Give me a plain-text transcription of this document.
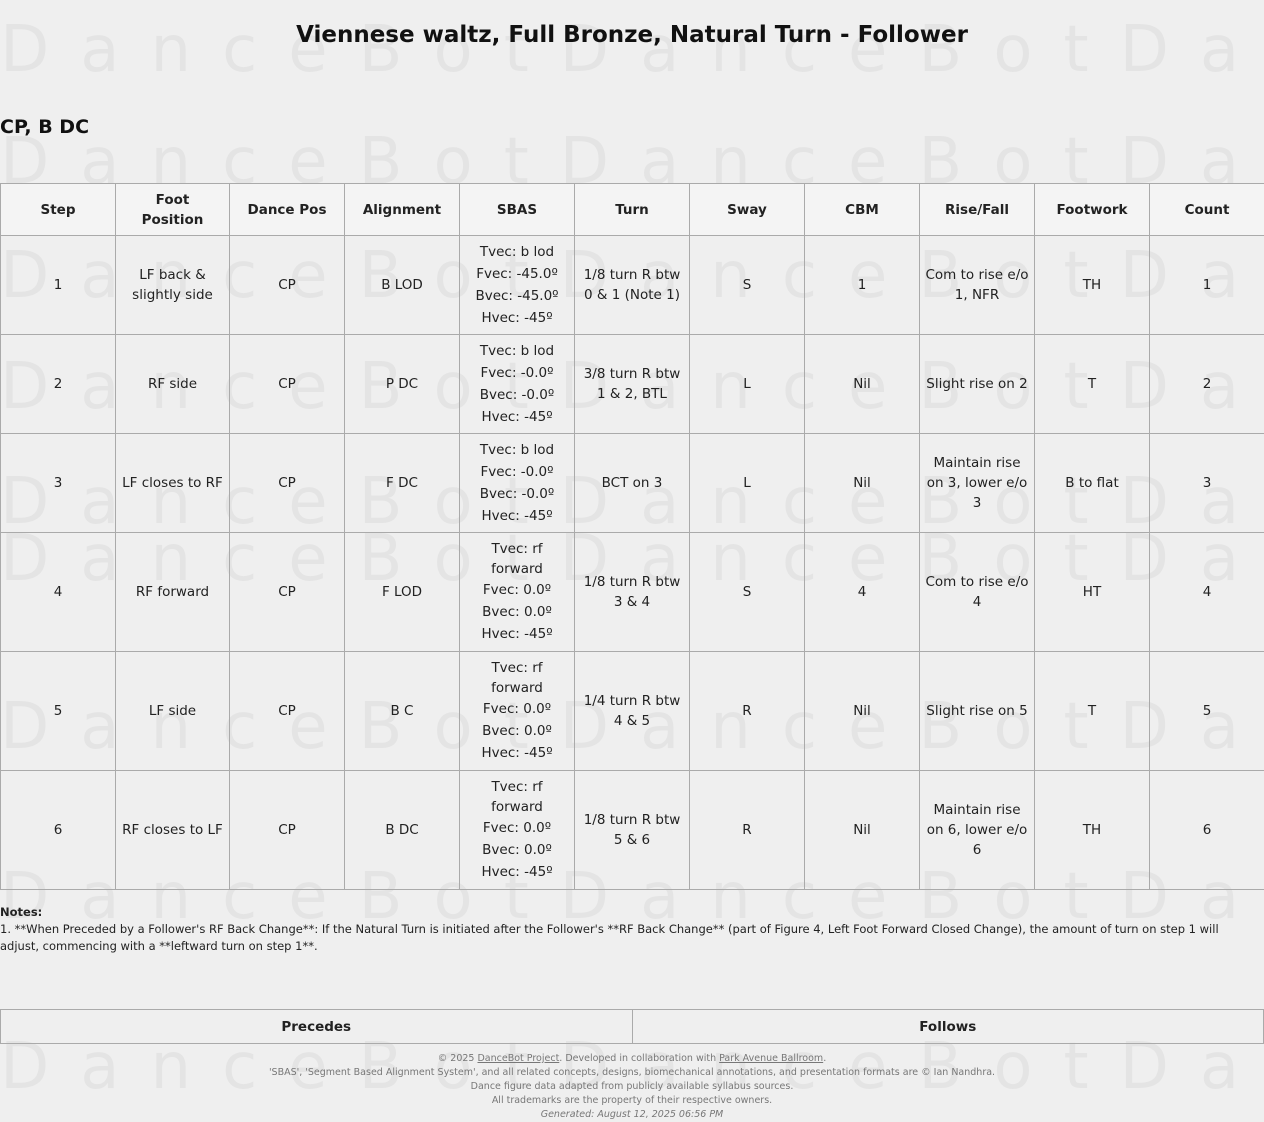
Viennese waltz, Full Bronze, Natural Turn - Follower
CP, B DC
Step	Foot Position	Dance Pos	Alignment	SBAS	Turn	Sway	CBM	Rise/Fall	Footwork	Count
1	LF back & slightly side	CP	B LOD	Tvec: b lod
Fvec: -45.0º
Bvec: -45.0º
Hvec: -45º	1/8 turn R btw 0 & 1 (Note 1)	S	1	Com to rise e/o 1, NFR	TH	1
2	RF side	CP	P DC	Tvec: b lod
Fvec: -0.0º
Bvec: -0.0º
Hvec: -45º	3/8 turn R btw 1 & 2, BTL	L	Nil	Slight rise on 2	T	2
3	LF closes to RF	CP	F DC	Tvec: b lod
Fvec: -0.0º
Bvec: -0.0º
Hvec: -45º	BCT on 3	L	Nil	Maintain rise on 3, lower e/o 3	B to flat	3
4	RF forward	CP	F LOD	Tvec: rf forward
Fvec: 0.0º
Bvec: 0.0º
Hvec: -45º	1/8 turn R btw 3 & 4	S	4	Com to rise e/o 4	HT	4
5	LF side	CP	B C	Tvec: rf forward
Fvec: 0.0º
Bvec: 0.0º
Hvec: -45º	1/4 turn R btw 4 & 5	R	Nil	Slight rise on 5	T	5
6	RF closes to LF	CP	B DC	Tvec: rf forward
Fvec: 0.0º
Bvec: 0.0º
Hvec: -45º	1/8 turn R btw 5 & 6	R	Nil	Maintain rise on 6, lower e/o 6	TH	6
Notes:
1. **When Preceded by a Follower's RF Back Change**: If the Natural Turn is initiated after the Follower's **RF Back Change** (part of Figure 4, Left Foot Forward Closed Change), the amount of turn on step 1 will adjust, commencing with a **leftward turn on step 1**.
Precedes	Follows
© 2025 DanceBot Project. Developed in collaboration with Park Avenue Ballroom.
'SBAS', 'Segment Based Alignment System', and all related concepts, designs, biomechanical annotations, and presentation formats are © Ian Nandhra.
Dance figure data adapted from publicly available syllabus sources.
All trademarks are the property of their respective owners.
Generated: August 12, 2025 06:56 PM
